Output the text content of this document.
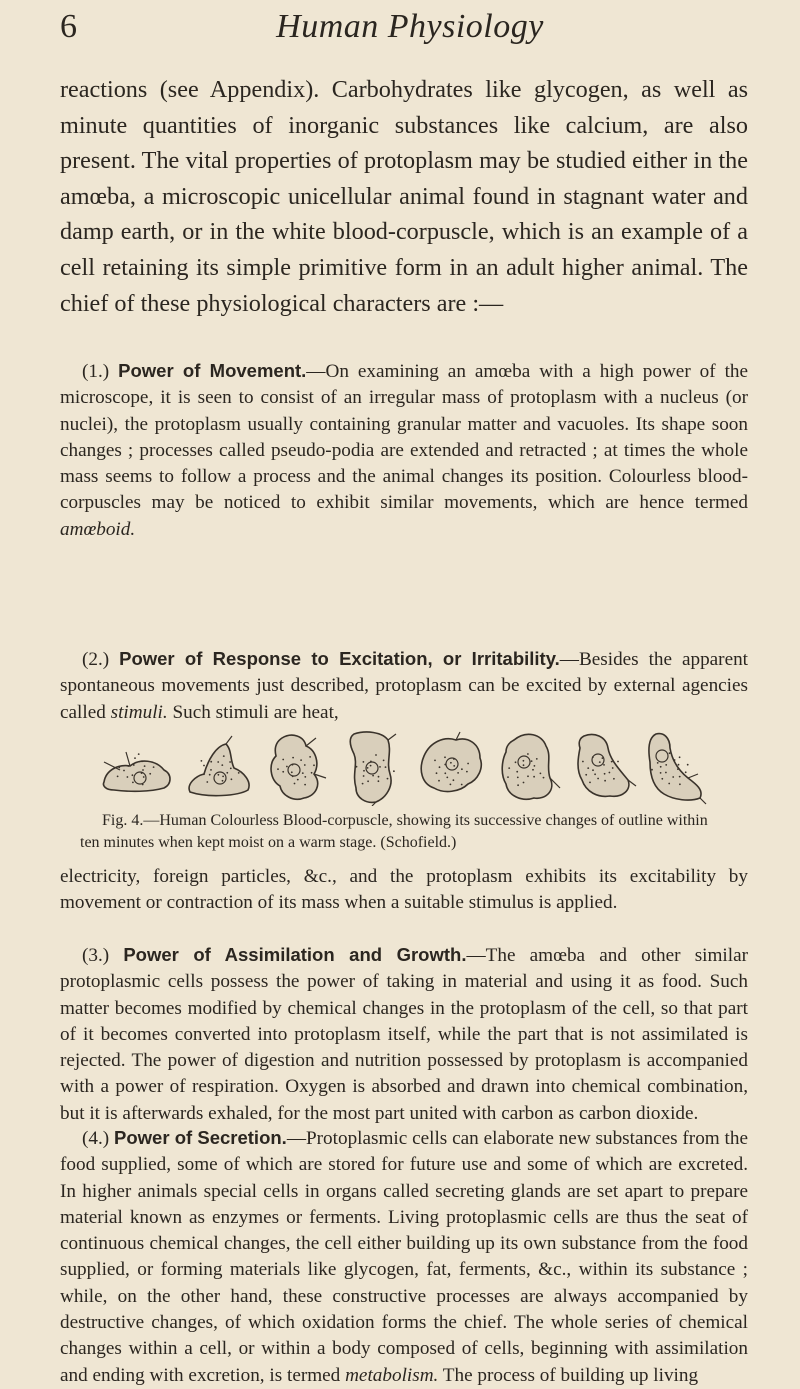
6	Human Physiology

reactions (see Appendix). Carbohydrates like glycogen, as well as minute quantities of inorganic substances like calcium, are also present. The vital properties of protoplasm may be studied either in the amœba, a microscopic unicellular animal found in stagnant water and damp earth, or in the white blood-corpuscle, which is an example of a cell retaining its simple primitive form in an adult higher animal. The chief of these physiological characters are :—

(1.) Power of Movement.—On examining an amœba with a high power of the microscope, it is seen to consist of an irregular mass of protoplasm with a nucleus (or nuclei), the protoplasm usually containing granular matter and vacuoles. Its shape soon changes ; processes called pseudo-podia are extended and retracted ; at times the whole mass seems to follow a process and the animal changes its position. Colourless blood-corpuscles may be noticed to exhibit similar movements, which are hence termed amœboid.

(2.) Power of Response to Excitation, or Irritability.—Besides the apparent spontaneous movements just described, protoplasm can be excited by external agencies called stimuli. Such stimuli are heat,

Fig. 4.—Human Colourless Blood-corpuscle, showing its successive changes of outline within ten minutes when kept moist on a warm stage. (Schofield.)

electricity, foreign particles, &c., and the protoplasm exhibits its excitability by movement or contraction of its mass when a suitable stimulus is applied.

(3.) Power of Assimilation and Growth.—The amœba and other similar protoplasmic cells possess the power of taking in material and using it as food. Such matter becomes modified by chemical changes in the protoplasm of the cell, so that part of it becomes converted into protoplasm itself, while the part that is not assimilated is rejected. The power of digestion and nutrition possessed by protoplasm is accompanied with a power of respiration. Oxygen is absorbed and drawn into chemical combination, but it is afterwards exhaled, for the most part united with carbon as carbon dioxide.

(4.) Power of Secretion.—Protoplasmic cells can elaborate new substances from the food supplied, some of which are stored for future use and some of which are excreted. In higher animals special cells in organs called secreting glands are set apart to prepare material known as enzymes or ferments. Living protoplasmic cells are thus the seat of continuous chemical changes, the cell either building up its own substance from the food supplied, or forming materials like glycogen, fat, ferments, &c., within its substance ; while, on the other hand, these constructive processes are always accompanied by destructive changes, of which oxidation forms the chief. The whole series of chemical changes within a cell, or within a body composed of cells, beginning with assimilation and ending with excretion, is termed metabolism. The process of building up living
